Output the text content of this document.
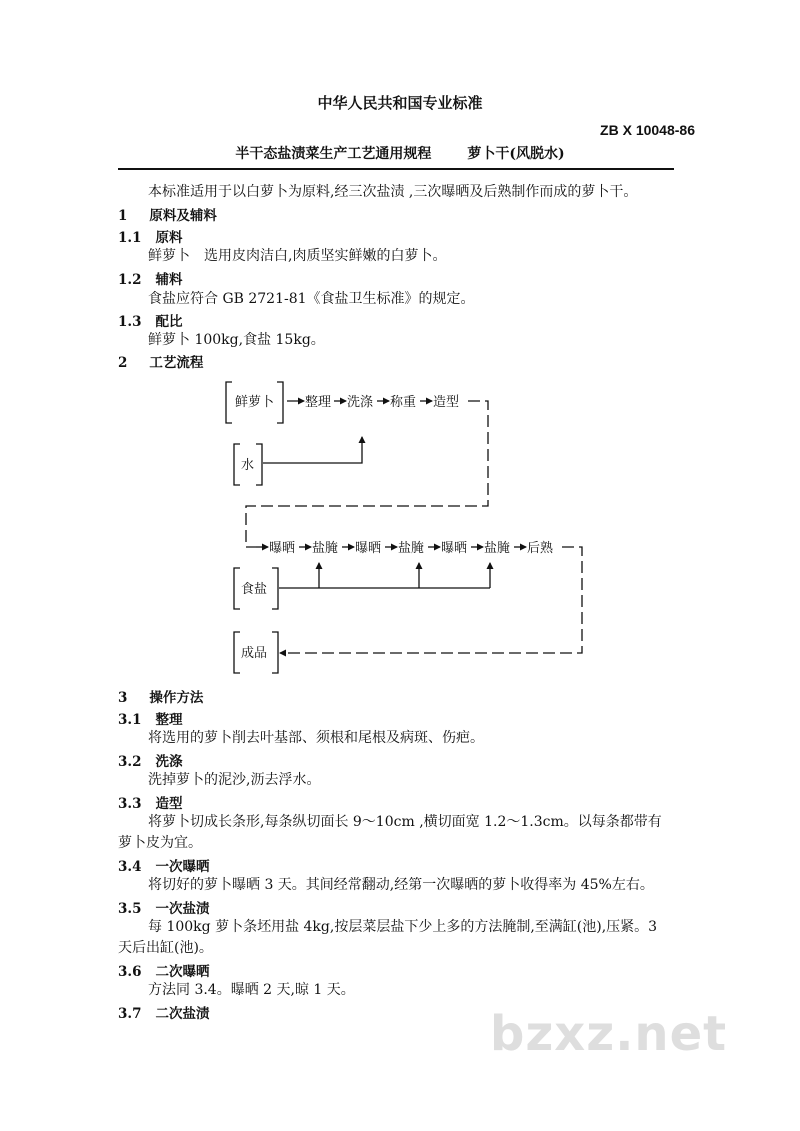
中华人民共和国专业标准
ZB X 10048-86
半干态盐渍菜生产工艺通用规程	萝卜干(风脱水)
本标准适用于以白萝卜为原料,经三次盐渍 ,三次曝晒及后熟制作而成的萝卜干。
1 原料及辅料
1.1 原料
鲜萝卜　选用皮肉洁白,肉质坚实鲜嫩的白萝卜。
1.2 辅料
食盐应符合 GB 2721-81《食盐卫生标准》的规定。
1.3 配比
鲜萝卜 100kg,食盐 15kg。
2 工艺流程
鲜萝卜
水
食盐
成品
整理 洗涤 称重 造型
曝晒 盐腌 曝晒 盐腌 曝晒 盐腌 后熟
3 操作方法
3.1 整理
将选用的萝卜削去叶基部、须根和尾根及病斑、伤疤。
3.2 洗涤
洗掉萝卜的泥沙,沥去浮水。
3.3 造型
将萝卜切成长条形,每条纵切面长 9～10cm ,横切面宽 1.2～1.3cm。以每条都带有
萝卜皮为宜。
3.4 一次曝晒
将切好的萝卜曝晒 3 天。其间经常翻动,经第一次曝晒的萝卜收得率为 45%左右。
3.5 一次盐渍
每 100kg 萝卜条坯用盐 4kg,按层菜层盐下少上多的方法腌制,至满缸(池),压紧。3
天后出缸(池)。
3.6 二次曝晒
方法同 3.4。曝晒 2 天,晾 1 天。
3.7 二次盐渍	bzxz.net
